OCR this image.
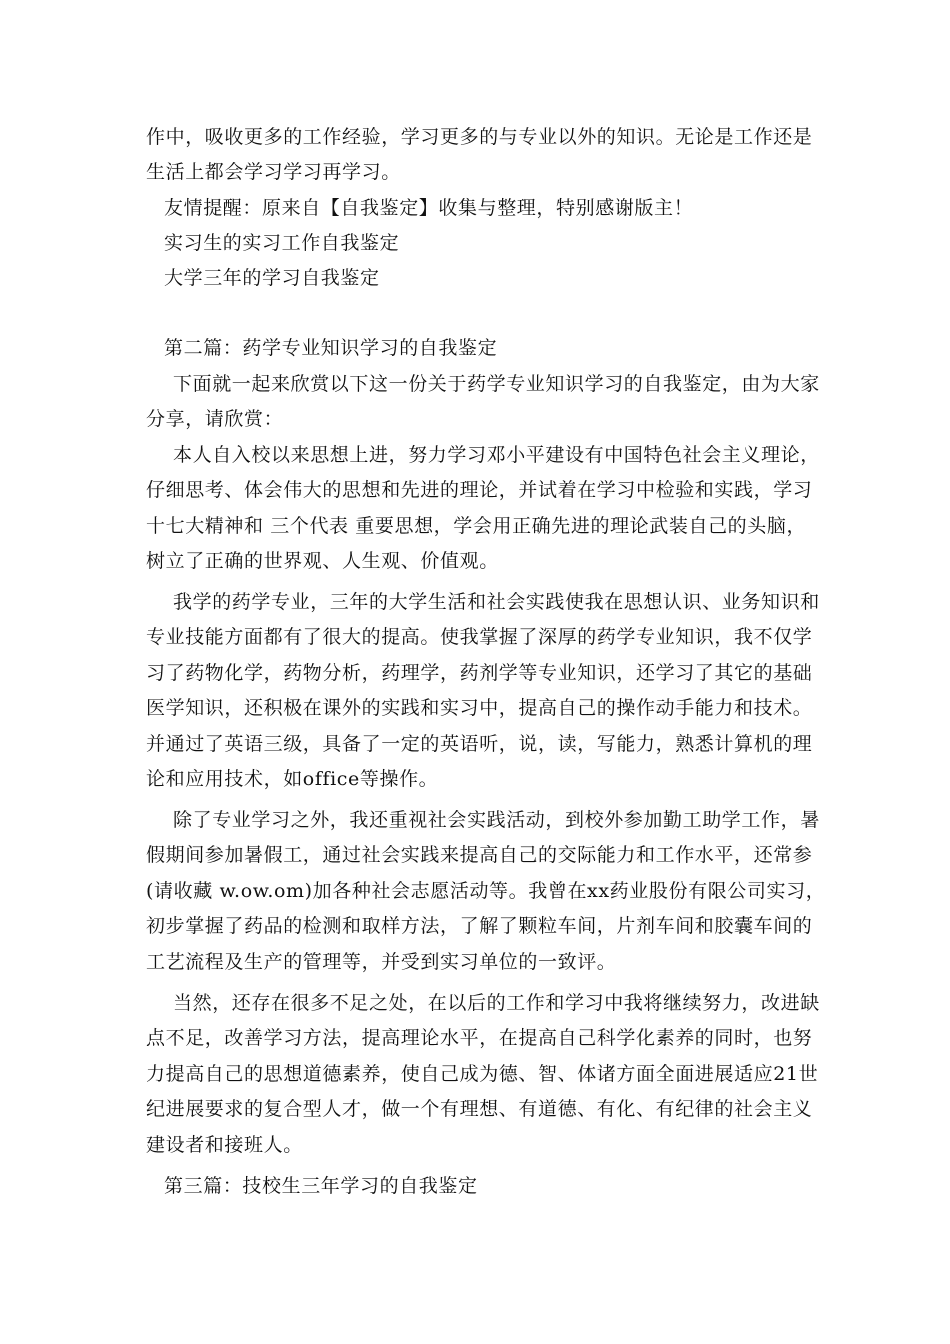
作中，吸收更多的工作经验，学习更多的与专业以外的知识。无论是工作还是
生活上都会学习学习再学习。
友情提醒：原来自【自我鉴定】收集与整理，特别感谢版主！
实习生的实习工作自我鉴定
大学三年的学习自我鉴定
第二篇：药学专业知识学习的自我鉴定
下面就一起来欣赏以下这一份关于药学专业知识学习的自我鉴定，由为大家
分享，请欣赏：
本人自入校以来思想上进，努力学习邓小平建设有中国特色社会主义理论，
仔细思考、体会伟大的思想和先进的理论，并试着在学习中检验和实践，学习
十七大精神和 三个代表 重要思想，学会用正确先进的理论武装自己的头脑，
树立了正确的世界观、人生观、价值观。
我学的药学专业，三年的大学生活和社会实践使我在思想认识、业务知识和
专业技能方面都有了很大的提高。使我掌握了深厚的药学专业知识，我不仅学
习了药物化学，药物分析，药理学，药剂学等专业知识，还学习了其它的基础
医学知识，还积极在课外的实践和实习中，提高自己的操作动手能力和技术。
并通过了英语三级，具备了一定的英语听，说，读，写能力，熟悉计算机的理
论和应用技术，如office等操作。
除了专业学习之外，我还重视社会实践活动，到校外参加勤工助学工作，暑
假期间参加暑假工，通过社会实践来提高自己的交际能力和工作水平，还常参
(请收藏 w.ow.om)加各种社会志愿活动等。我曾在xx药业股份有限公司实习，
初步掌握了药品的检测和取样方法，了解了颗粒车间，片剂车间和胶囊车间的
工艺流程及生产的管理等，并受到实习单位的一致评。
当然，还存在很多不足之处，在以后的工作和学习中我将继续努力，改进缺
点不足，改善学习方法，提高理论水平，在提高自己科学化素养的同时，也努
力提高自己的思想道德素养，使自己成为德、智、体诸方面全面进展适应21世
纪进展要求的复合型人才，做一个有理想、有道德、有化、有纪律的社会主义
建设者和接班人。
第三篇：技校生三年学习的自我鉴定
